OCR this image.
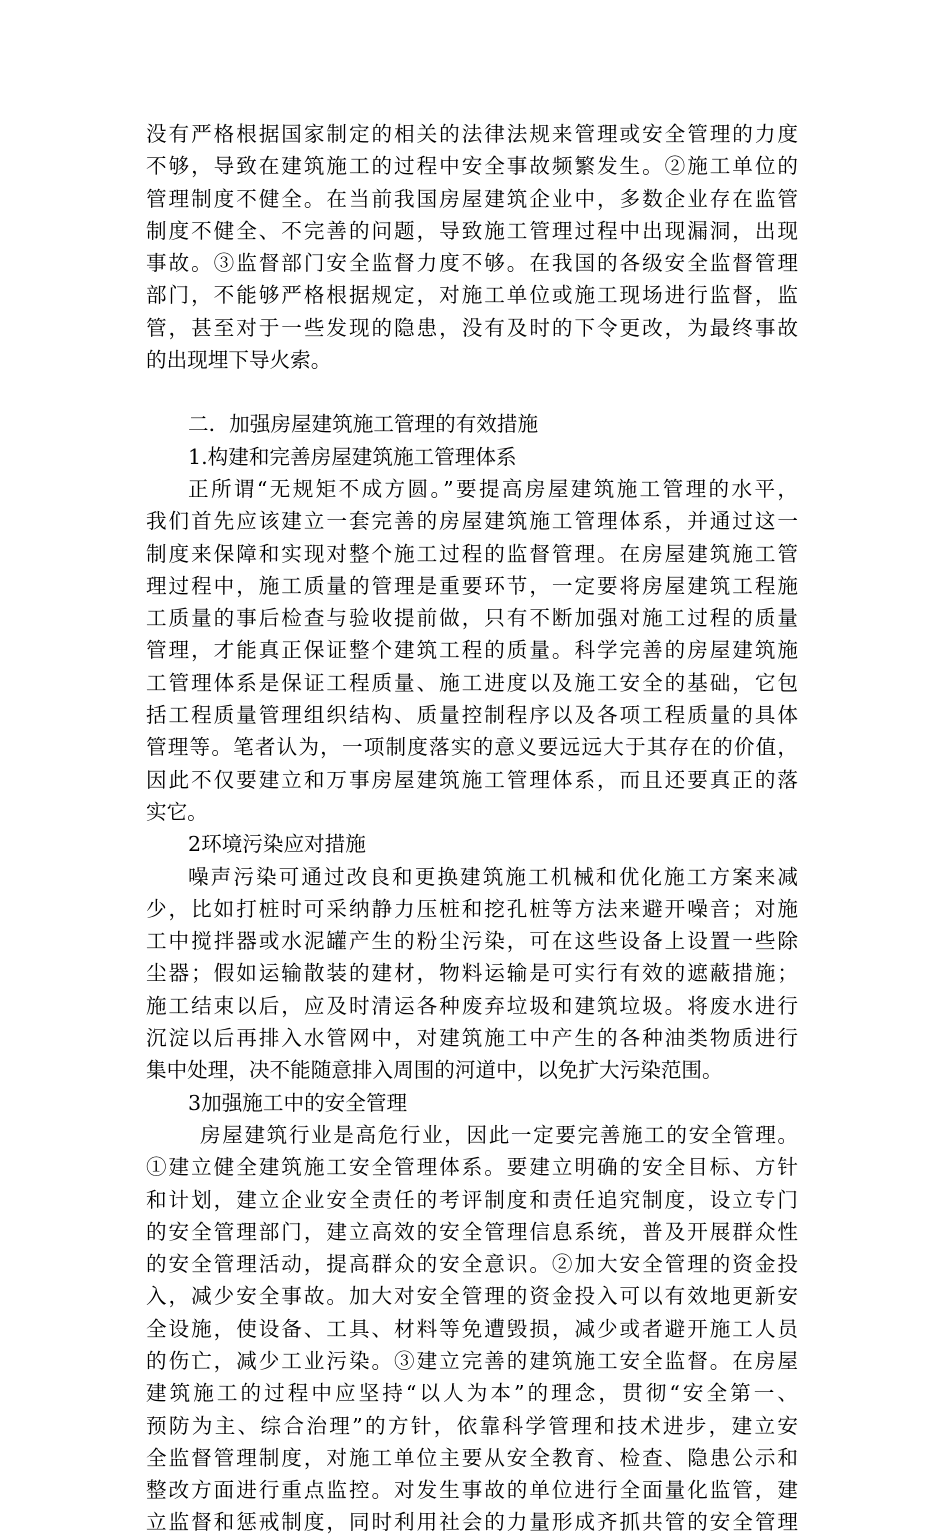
没有严格根据国家制定的相关的法律法规来管理或安全管理的力度
不够，导致在建筑施工的过程中安全事故频繁发生。②施工单位的
管理制度不健全。在当前我国房屋建筑企业中，多数企业存在监管
制度不健全、不完善的问题，导致施工管理过程中出现漏洞，出现
事故。③监督部门安全监督力度不够。在我国的各级安全监督管理
部门，不能够严格根据规定，对施工单位或施工现场进行监督，监
管，甚至对于一些发现的隐患，没有及时的下令更改，为最终事故
的出现埋下导火索。
二．加强房屋建筑施工管理的有效措施
1.构建和完善房屋建筑施工管理体系
正所谓“无规矩不成方圆。”要提高房屋建筑施工管理的水平，
我们首先应该建立一套完善的房屋建筑施工管理体系，并通过这一
制度来保障和实现对整个施工过程的监督管理。在房屋建筑施工管
理过程中，施工质量的管理是重要环节，一定要将房屋建筑工程施
工质量的事后检查与验收提前做，只有不断加强对施工过程的质量
管理，才能真正保证整个建筑工程的质量。科学完善的房屋建筑施
工管理体系是保证工程质量、施工进度以及施工安全的基础，它包
括工程质量管理组织结构、质量控制程序以及各项工程质量的具体
管理等。笔者认为，一项制度落实的意义要远远大于其存在的价值，
因此不仅要建立和万事房屋建筑施工管理体系，而且还要真正的落
实它。
2环境污染应对措施
噪声污染可通过改良和更换建筑施工机械和优化施工方案来减
少，比如打桩时可采纳静力压桩和挖孔桩等方法来避开噪音；对施
工中搅拌器或水泥罐产生的粉尘污染，可在这些设备上设置一些除
尘器；假如运输散装的建材，物料运输是可实行有效的遮蔽措施；
施工结束以后，应及时清运各种废弃垃圾和建筑垃圾。将废水进行
沉淀以后再排入水管网中，对建筑施工中产生的各种油类物质进行
集中处理，决不能随意排入周围的河道中，以免扩大污染范围。
3加强施工中的安全管理
房屋建筑行业是高危行业，因此一定要完善施工的安全管理。
①建立健全建筑施工安全管理体系。要建立明确的安全目标、方针
和计划，建立企业安全责任的考评制度和责任追究制度，设立专门
的安全管理部门，建立高效的安全管理信息系统，普及开展群众性
的安全管理活动，提高群众的安全意识。②加大安全管理的资金投
入，减少安全事故。加大对安全管理的资金投入可以有效地更新安
全设施，使设备、工具、材料等免遭毁损，减少或者避开施工人员
的伤亡，减少工业污染。③建立完善的建筑施工安全监督。在房屋
建筑施工的过程中应坚持“以人为本”的理念，贯彻“安全第一、
预防为主、综合治理”的方针，依靠科学管理和技术进步，建立安
全监督管理制度，对施工单位主要从安全教育、检查、隐患公示和
整改方面进行重点监控。对发生事故的单位进行全面量化监管，建
立监督和惩戒制度，同时利用社会的力量形成齐抓共管的安全管理
